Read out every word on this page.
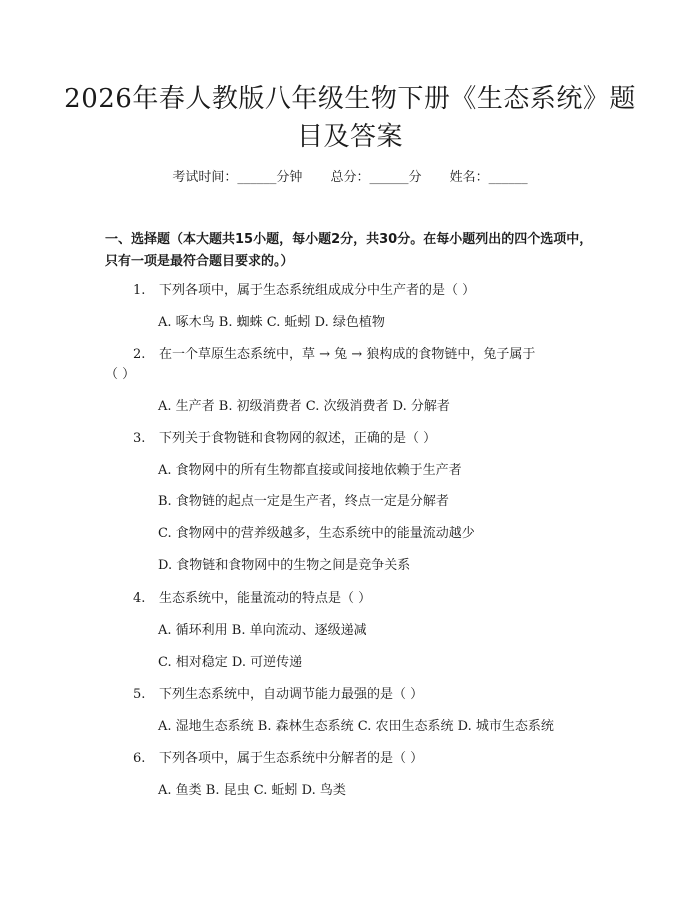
2026年春人教版八年级生物下册《生态系统》题目及答案
考试时间：______分钟 总分：______分 姓名：______
一、选择题（本大题共15小题，每小题2分，共30分。在每小题列出的四个选项中，只有一项是最符合题目要求的。）
1. 下列各项中，属于生态系统组成成分中生产者的是（ ）
A. 啄木鸟 B. 蜘蛛 C. 蚯蚓 D. 绿色植物
2. 在一个草原生态系统中，草 → 兔 → 狼构成的食物链中，兔子属于
（ ）
A. 生产者 B. 初级消费者 C. 次级消费者 D. 分解者
3. 下列关于食物链和食物网的叙述，正确的是（ ）
A. 食物网中的所有生物都直接或间接地依赖于生产者
B. 食物链的起点一定是生产者，终点一定是分解者
C. 食物网中的营养级越多，生态系统中的能量流动越少
D. 食物链和食物网中的生物之间是竞争关系
4. 生态系统中，能量流动的特点是（ ）
A. 循环利用 B. 单向流动、逐级递减
C. 相对稳定 D. 可逆传递
5. 下列生态系统中，自动调节能力最强的是（ ）
A. 湿地生态系统 B. 森林生态系统 C. 农田生态系统 D. 城市生态系统
6. 下列各项中，属于生态系统中分解者的是（ ）
A. 鱼类 B. 昆虫 C. 蚯蚓 D. 鸟类
